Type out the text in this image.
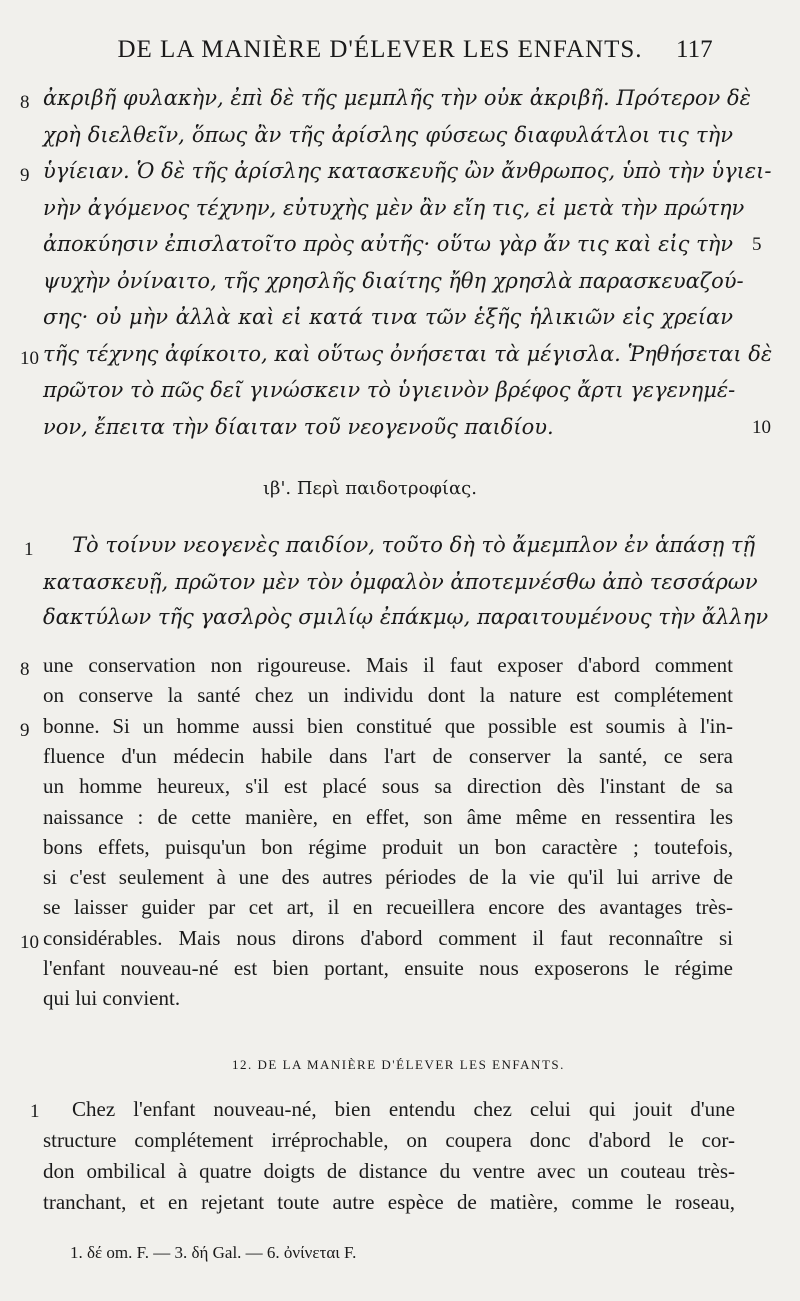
DE LA MANIÈRE D'ÉLEVER LES ENFANTS.	117
ἀκριβῆ φυλακὴν, ἐπὶ δὲ τῆς μεμπλῆς τὴν οὐκ ἀκριβῆ. Πρότερον δὲ
8
χρὴ διελθεῖν, ὅπως ἂν τῆς ἀρίσλης φύσεως διαφυλάτλοι τις τὴν
ὑγίειαν. Ὁ δὲ τῆς ἀρίσλης κατασκευῆς ὢν ἄνθρωπος, ὑπὸ τὴν ὑγιει-
9
νὴν ἀγόμενος τέχνην, εὐτυχὴς μὲν ἂν εἴη τις, εἰ μετὰ τὴν πρώτην
ἀποκύησιν ἐπισλατοῖτο πρὸς αὐτῆς· οὕτω γὰρ ἄν τις καὶ εἰς τὴν 5
ψυχὴν ὀνίναιτο, τῆς χρησλῆς διαίτης ἤθη χρησλὰ παρασκευαζού-
σης· οὐ μὴν ἀλλὰ καὶ εἰ κατά τινα τῶν ἑξῆς ἡλικιῶν εἰς χρείαν
τῆς τέχνης ἀφίκοιτο, καὶ οὕτως ὀνήσεται τὰ μέγισλα. Ῥηθήσεται δὲ
10
πρῶτον τὸ πῶς δεῖ γινώσκειν τὸ ὑγιεινὸν βρέφος ἄρτι γεγενημέ-
νον, ἔπειτα τὴν δίαιταν τοῦ νεογενοῦς παιδίου.	10
ιβ'. Περὶ παιδοτροφίας.
Τὸ τοίνυν νεογενὲς παιδίον, τοῦτο δὴ τὸ ἄμεμπλον ἐν ἁπάσῃ τῇ
1
κατασκευῇ, πρῶτον μὲν τὸν ὀμφαλὸν ἀποτεμνέσθω ἀπὸ τεσσάρων
δακτύλων τῆς γασλρὸς σμιλίῳ ἐπάκμῳ, παραιτουμένους τὴν ἄλλην
une conservation non rigoureuse. Mais il faut exposer d'abord comment
8
on conserve la santé chez un individu dont la nature est complétement
bonne. Si un homme aussi bien constitué que possible est soumis à l'in-
9
fluence d'un médecin habile dans l'art de conserver la santé, ce sera
un homme heureux, s'il est placé sous sa direction dès l'instant de sa
naissance : de cette manière, en effet, son âme même en ressentira les
bons effets, puisqu'un bon régime produit un bon caractère ; toutefois,
si c'est seulement à une des autres périodes de la vie qu'il lui arrive de
se laisser guider par cet art, il en recueillera encore des avantages très-
considérables. Mais nous dirons d'abord comment il faut reconnaître si
10
l'enfant nouveau-né est bien portant, ensuite nous exposerons le régime
qui lui convient.
12. DE LA MANIÈRE D'ÉLEVER LES ENFANTS.
Chez l'enfant nouveau-né, bien entendu chez celui qui jouit d'une
1
structure complétement irréprochable, on coupera donc d'abord le cor-
don ombilical à quatre doigts de distance du ventre avec un couteau très-
tranchant, et en rejetant toute autre espèce de matière, comme le roseau,
1. δέ om. F. — 3. δή Gal. — 6. ὀνίνεται F.
